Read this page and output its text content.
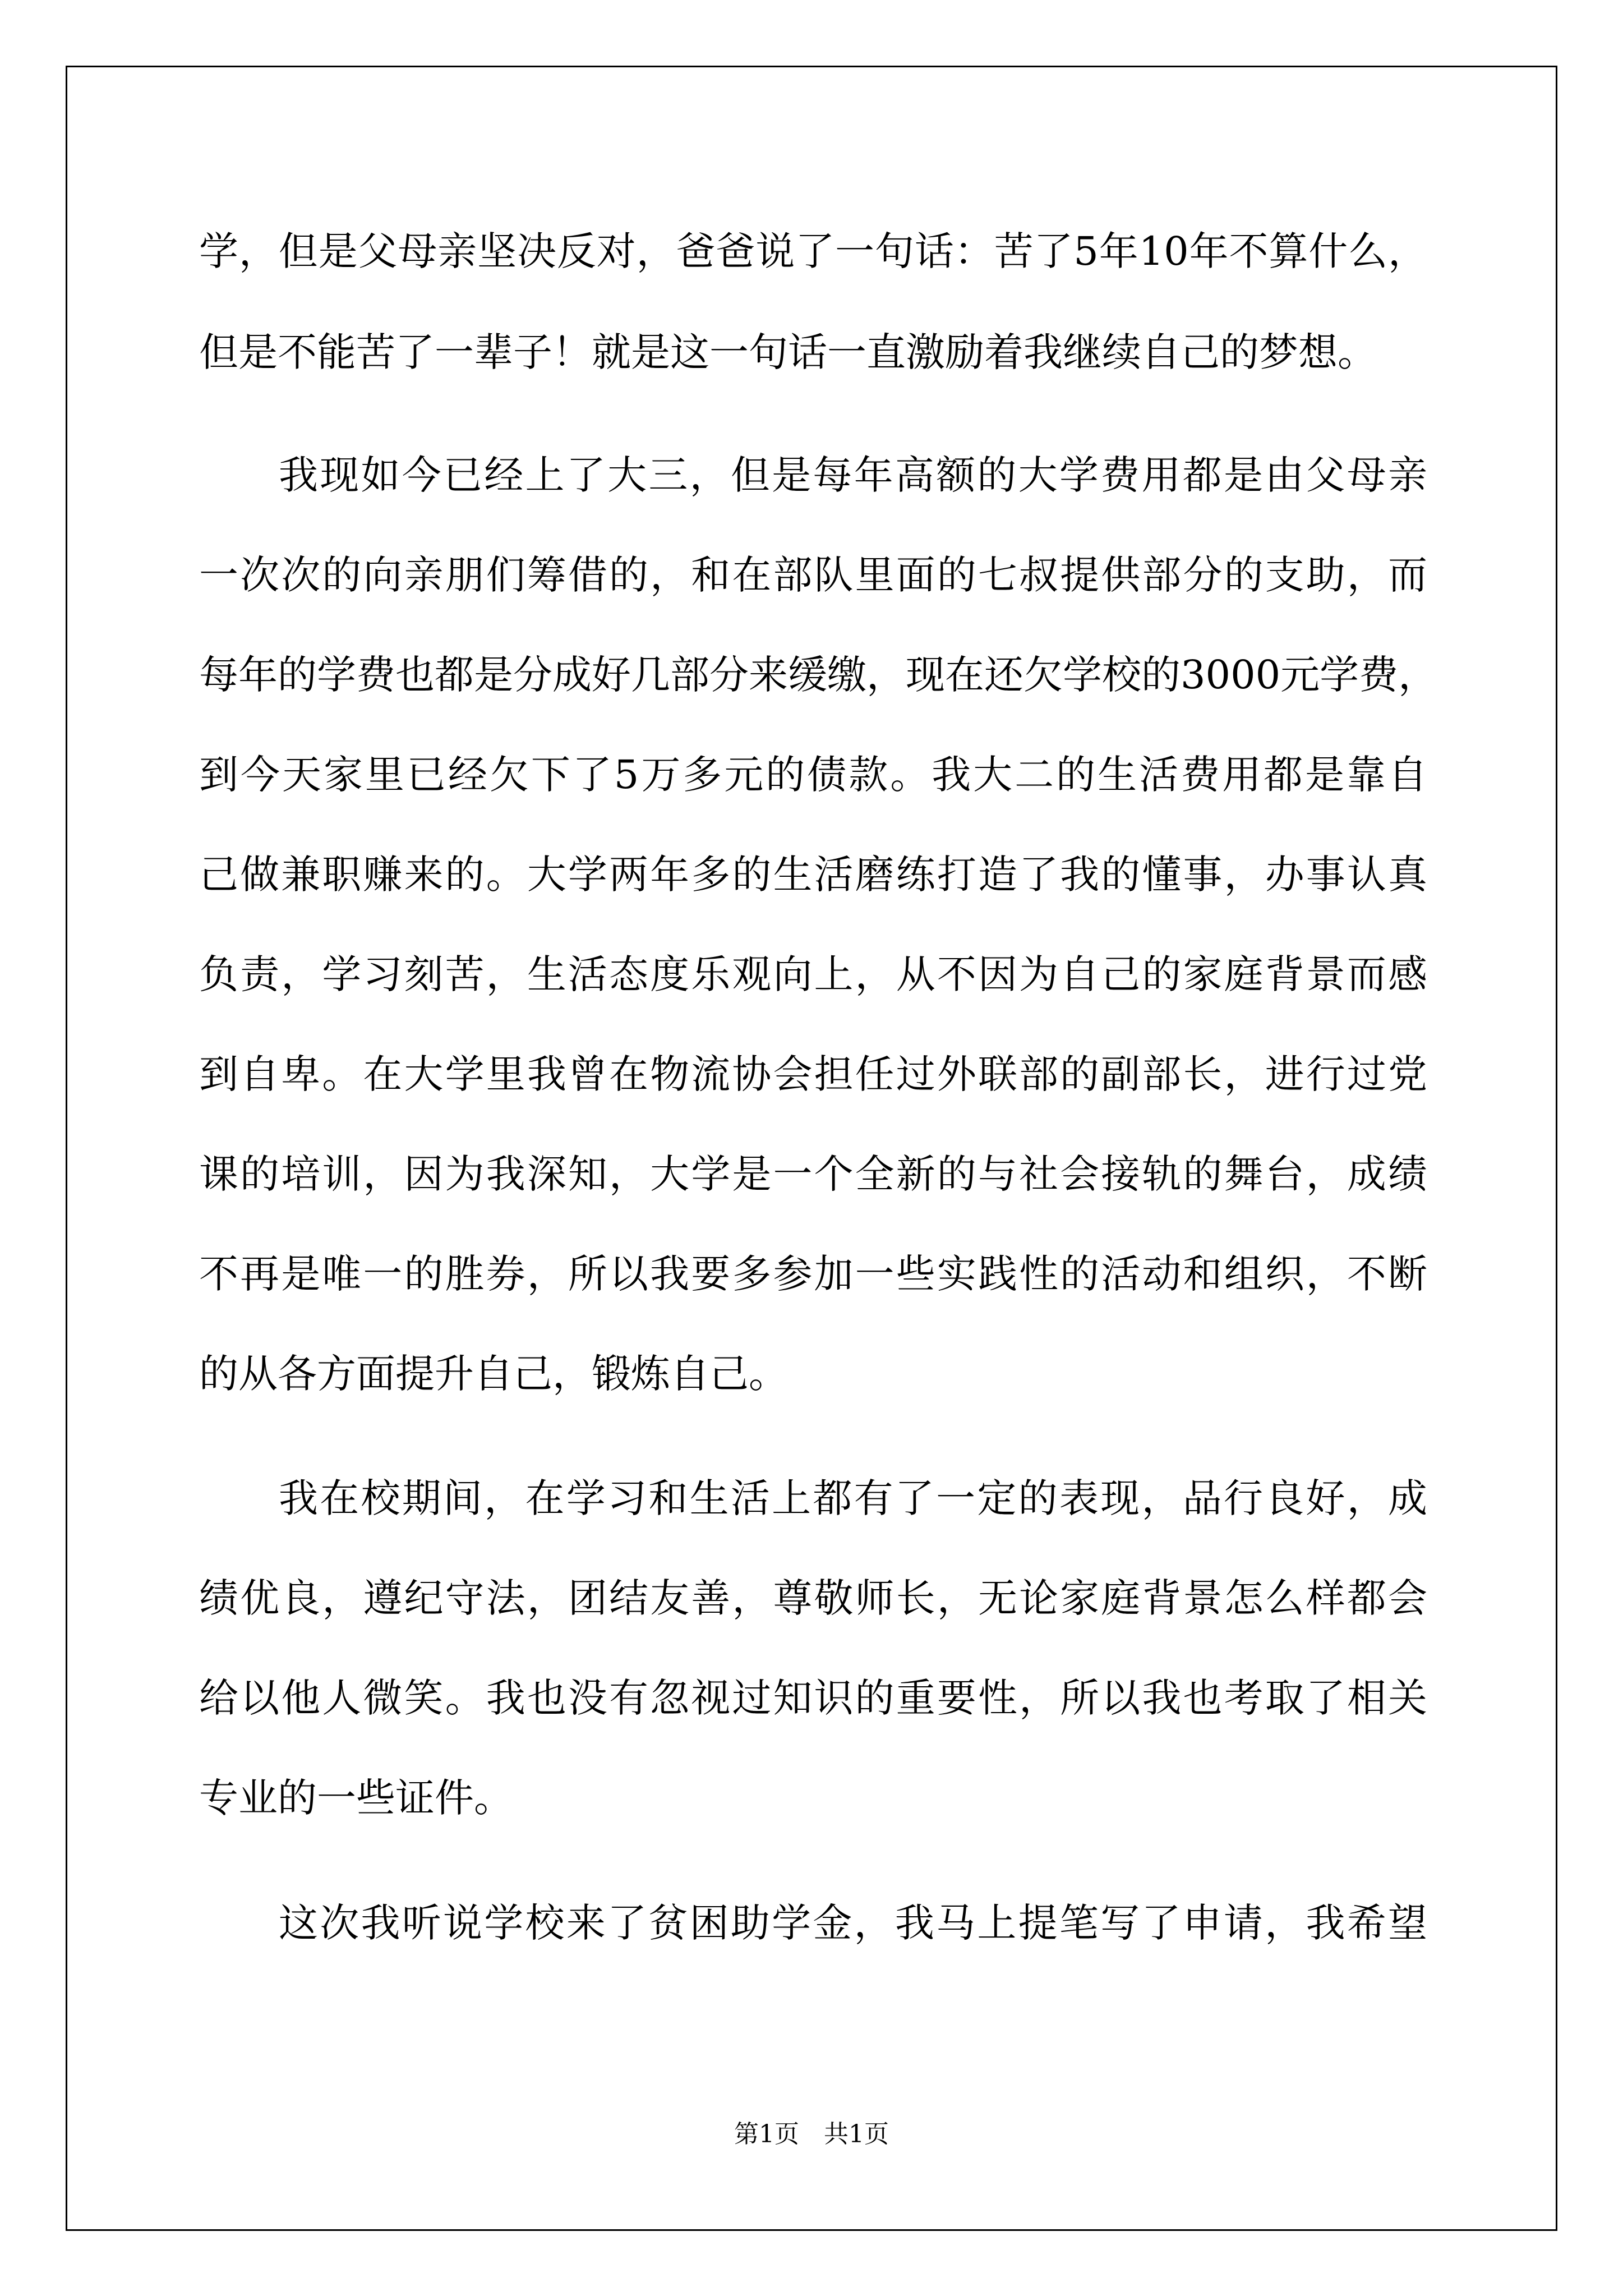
学，但是父母亲坚决反对，爸爸说了一句话：苦了5年10年不算什么，
但是不能苦了一辈子！就是这一句话一直激励着我继续自己的梦想。
我现如今已经上了大三，但是每年高额的大学费用都是由父母亲
一次次的向亲朋们筹借的，和在部队里面的七叔提供部分的支助，而
每年的学费也都是分成好几部分来缓缴，现在还欠学校的3000元学费，
到今天家里已经欠下了5万多元的债款。我大二的生活费用都是靠自
己做兼职赚来的。大学两年多的生活磨练打造了我的懂事，办事认真
负责，学习刻苦，生活态度乐观向上，从不因为自己的家庭背景而感
到自卑。在大学里我曾在物流协会担任过外联部的副部长，进行过党
课的培训，因为我深知，大学是一个全新的与社会接轨的舞台，成绩
不再是唯一的胜券，所以我要多参加一些实践性的活动和组织，不断
的从各方面提升自己，锻炼自己。
我在校期间，在学习和生活上都有了一定的表现，品行良好，成
绩优良，遵纪守法，团结友善，尊敬师长，无论家庭背景怎么样都会
给以他人微笑。我也没有忽视过知识的重要性，所以我也考取了相关
专业的一些证件。
这次我听说学校来了贫困助学金，我马上提笔写了申请，我希望
第1页　共1页
